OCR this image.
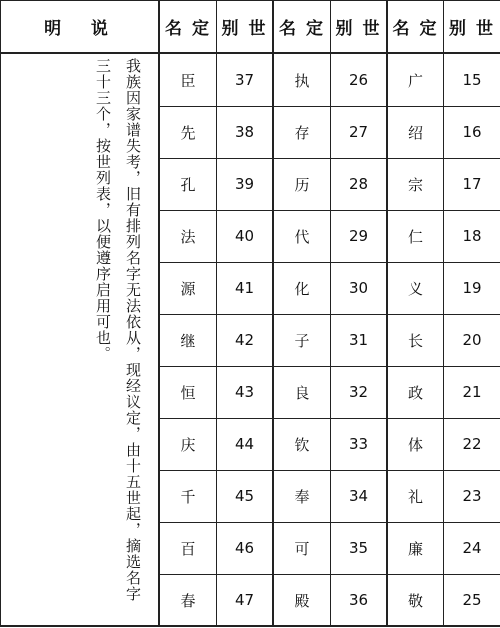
明  说	名 定 别 世 名 定 别 世 名 定 别 世
我族因家谱失考，旧有排列名字无法依从，现经议定，由十五世起，摘选名字
三十三个，按世列表，以便遵序启用可也。	臣	37	执	26	广	15
先	38	存	27	绍	16
孔	39	历	28	宗	17
法	40	代	29	仁	18
源	41	化	30	义	19
继	42	子	31	长	20
恒	43	良	32	政	21
庆	44	钦	33	体	22
千	45	奉	34	礼	23
百	46	可	35	廉	24
春	47	殿	36	敬	25
